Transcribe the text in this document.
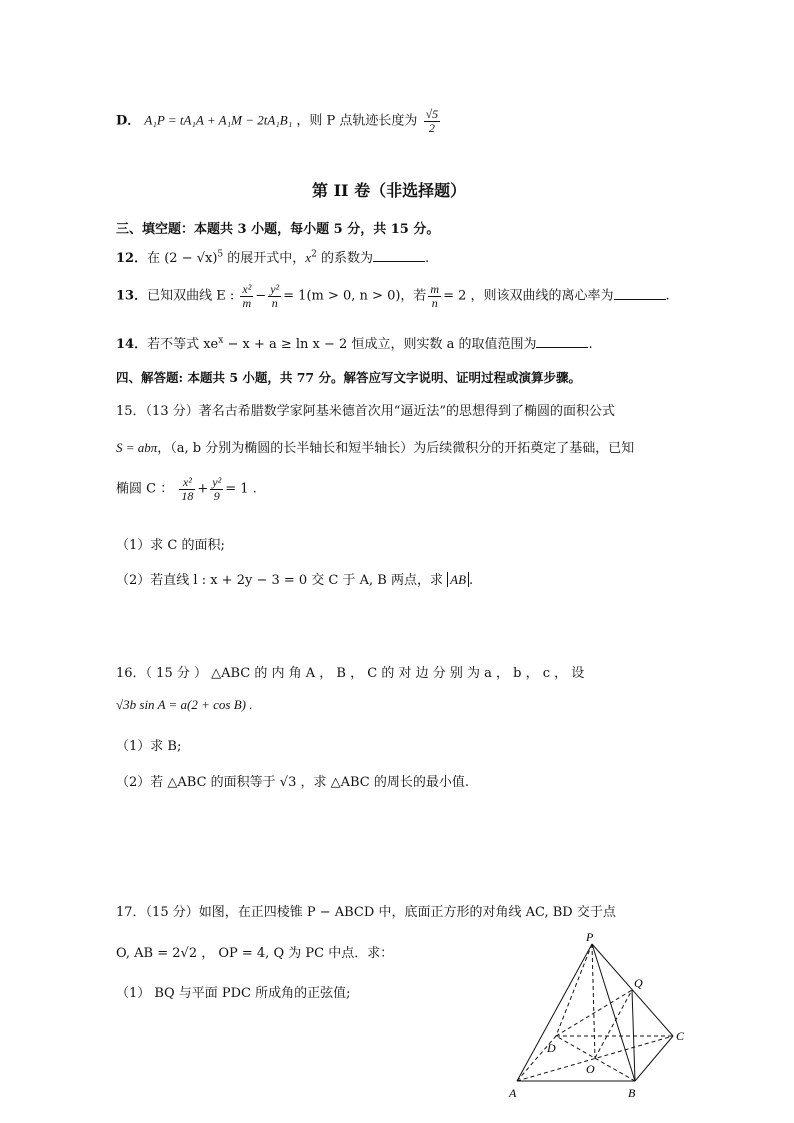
D． A₁P = tA₁A + A₁M − 2tA₁B₁ ，则 P 点轨迹长度为 $\frac{√5}{2}$
第 II 卷（非选择题）
三、填空题：本题共 3 小题，每小题 5 分，共 15 分。
12．在 $(2 - √x)^5$ 的展开式中，$x^2$ 的系数为	.
13．已知双曲线 E : $\frac{\text{x²}}{m} - \frac{\text{y²}}{n} = 1(m > 0$, n > 0)，若 $\frac{m}{n} = 2$ ，则该双曲线的离心率为	.
14．若不等式 $xe^x - x + a \ge \ln x - 2$ 恒成立，则实数 a 的取值范围为	.
四、解答题: 本题共 5 小题，共 77 分。解答应写文字说明、证明过程或演算步骤。
15．（13 分）著名古希腊数学家阿基米德首次用“逼近法”的思想得到了椭圆的面积公式
S = abπ，（a, b 分别为椭圆的长半轴长和短半轴长）为后续微积分的开拓奠定了基础，已知
椭圆 C ： $\frac{\text{x²}}{18} + \frac{\text{y²}}{9} = 1$ .
（1）求 C 的面积;
（2）若直线 l : x + 2y − 3 = 0 交 C 于 A, B 两点，求 AB .
16．（ 15 分 ） △ABC 的 内 角 A ， B ， C 的 对 边 分 别 为 a ， b ， c ， 设
√3b sin A = a(2 + cos B) .
（1）求 B;
（2）若 △ABC 的面积等于 √3 ，求 △ABC 的周长的最小值.
17．（15 分）如图，在正四棱锥 P − ABCD 中，底面正方形的对角线 AC, BD 交于点
O, AB = 2√2 ， OP = 4, Q 为 PC 中点．求：
（1） BQ 与平面 PDC 所成角的正弦值;
P
Q
D
C
O
A	B
